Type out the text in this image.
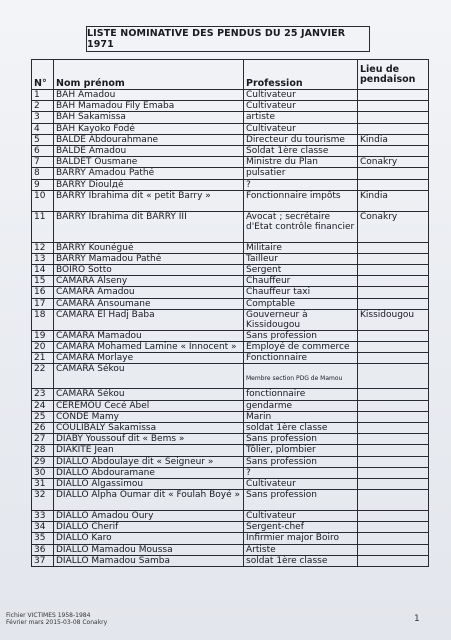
LISTE NOMINATIVE DES PENDUS DU 25 JANVIER 1971
N°	Nom prénom	Profession	Lieu de pendaison
1	BAH Amadou	Cultivateur	
2	BAH Mamadou Fily Emaba	Cultivateur	
3	BAH Sakamissa	artiste	
4	BAH Kayoko Fodé	Cultivateur	
5	BALDE Abdourahmane	Directeur du tourisme	Kindia
6	BALDE Amadou	Soldat 1ère classe	
7	BALDET Ousmane	Ministre du Plan	Conakry
8	BARRY Amadou Pathé	pulsatier	
9	BARRY Dioulдé	?	
10	BARRY Ibrahima dit « petit Barry »	Fonctionnaire impôts	Kindia
11	BARRY Ibrahima dit BARRY III	Avocat ; secrétaire d'Etat contrôle financier	Conakry
12	BARRY Kounégué	Militaire	
13	BARRY Mamadou Pathé	Tailleur	
14	BOIRO Sotto	Sergent	
15	CAMARA Alseny	Chauffeur	
16	CAMARA Amadou	Chauffeur taxi	
17	CAMARA Ansoumane	Comptable	
18	CAMARA El Hadj Baba	Gouverneur à Kissidougou	Kissidougou
19	CAMARA Mamadou	Sans profession	
20	CAMARA Mohamed Lamine « Innocent »	Employé de commerce	
21	CAMARA Morlaye	Fonctionnaire	
22	CAMARA Sékou	Membre section PDG de Mamou	

23	CAMARA Sékou	fonctionnaire	
24	CEREMOU Cecé Abel	gendarme	
25	CONDE Mamy	Marin	
26	COULIBALY Sakamissa	soldat 1ère classe	
27	DIABY Youssouf dit « Bems »	Sans profession	
28	DIAKITE Jean	Tôlier, plombier	
29	DIALLO Abdoulaye dit « Seigneur »	Sans profession	
30	DIALLO Abdouramane	?	
31	DIALLO Algassimou	Cultivateur	
32	DIALLO Alpha Oumar dit « Foulah Boyé »	Sans profession	
33	DIALLO Amadou Oury	Cultivateur	
34	DIALLO Cherif	Sergent-chef	
35	DIALLO Karo	Infirmier major Boiro	
36	DIALLO Mamadou Moussa	Artiste	
37	DIALLO Mamadou Samba	soldat 1ère classe	
Fichier VICTIMES 1958-1984
Février mars 2015-03-08 Conakry	1
